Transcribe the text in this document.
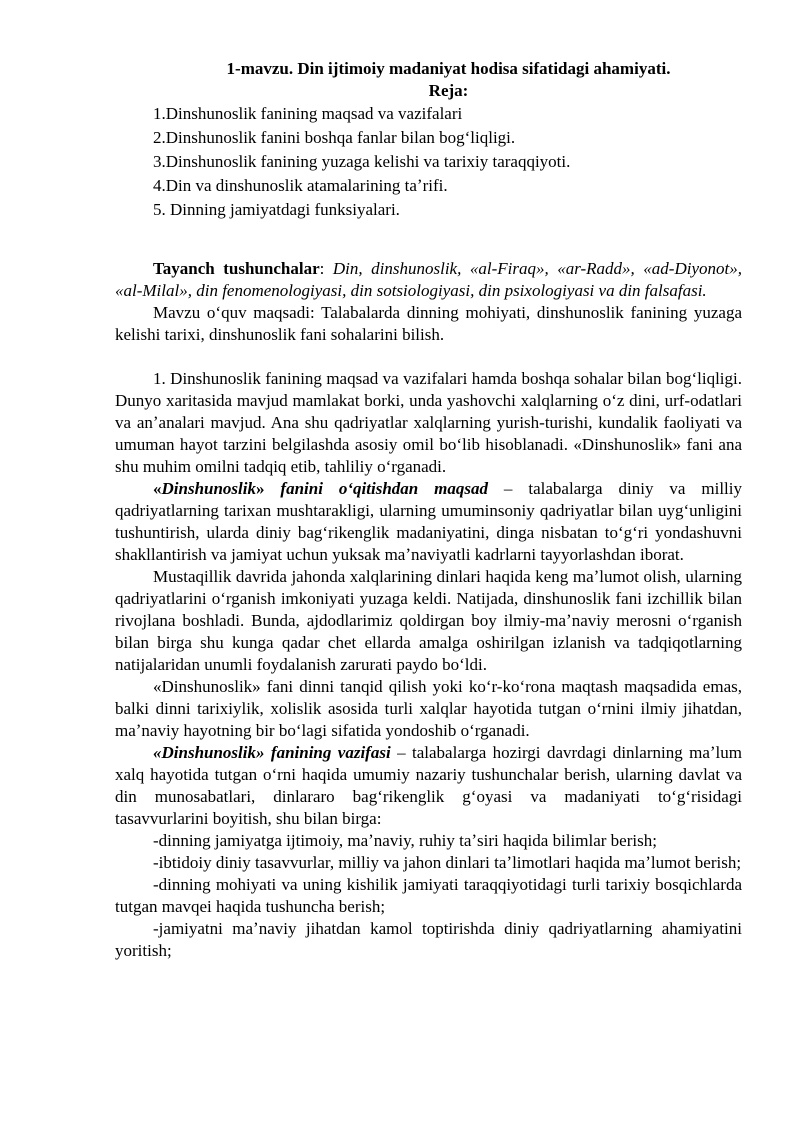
1-mavzu. Din ijtimoiy madaniyat hodisa sifatidagi ahamiyati.

Reja:

1.Dinshunoslik fanining maqsad va vazifalari
2.Dinshunoslik fanini boshqa fanlar bilan bogʻliqligi.
3.Dinshunoslik fanining yuzaga kelishi va tarixiy taraqqiyoti.
4.Din va dinshunoslik atamalarining taʼrifi.
5. Dinning jamiyatdagi funksiyalari.

Tayanch tushunchalar: Din, dinshunoslik, «al-Firaq», «ar-Radd», «ad-Diyonot», «al-Milal», din fenomenologiyasi, din sotsiologiyasi, din psixologiyasi va din falsafasi.

Mavzu oʻquv maqsadi: Talabalarda dinning mohiyati, dinshunoslik fanining yuzaga kelishi tarixi, dinshunoslik fani sohalarini bilish.

1. Dinshunoslik fanining maqsad va vazifalari hamda boshqa sohalar bilan bogʻliqligi. Dunyo xaritasida mavjud mamlakat borki, unda yashovchi xalqlarning oʻz dini, urf-odatlari va anʼanalari mavjud. Ana shu qadriyatlar xalqlarning yurish-turishi, kundalik faoliyati va umuman hayot tarzini belgilashda asosiy omil boʻlib hisoblanadi. «Dinshunoslik» fani ana shu muhim omilni tadqiq etib, tahliliy oʻrganadi.

«Dinshunoslik» fanini oʻqitishdan maqsad – talabalarga diniy va milliy qadriyatlarning tarixan mushtarakligi, ularning umuminsoniy qadriyatlar bilan uygʻunligini tushuntirish, ularda diniy bagʻrikenglik madaniyatini, dinga nisbatan toʻgʻri yondashuvni shakllantirish va jamiyat uchun yuksak maʼnaviyatli kadrlarni tayyorlashdan iborat.

Mustaqillik davrida jahonda xalqlarining dinlari haqida keng maʼlumot olish, ularning qadriyatlarini oʻrganish imkoniyati yuzaga keldi. Natijada, dinshunoslik fani izchillik bilan rivojlana boshladi. Bunda, ajdodlarimiz qoldirgan boy ilmiy-maʼnaviy merosni oʻrganish bilan birga shu kunga qadar chet ellarda amalga oshirilgan izlanish va tadqiqotlarning natijalaridan unumli foydalanish zarurati paydo boʻldi.

«Dinshunoslik» fani dinni tanqid qilish yoki koʻr-koʻrona maqtash maqsadida emas, balki dinni tarixiylik, xolislik asosida turli xalqlar hayotida tutgan oʻrnini ilmiy jihatdan, maʼnaviy hayotning bir boʻlagi sifatida yondoshib oʻrganadi.

«Dinshunoslik» fanining vazifasi – talabalarga hozirgi davrdagi dinlarning maʼlum xalq hayotida tutgan oʻrni haqida umumiy nazariy tushunchalar berish, ularning davlat va din munosabatlari, dinlararo bagʻrikenglik gʻoyasi va madaniyati toʻgʻrisidagi tasavvurlarini boyitish, shu bilan birga:

-dinning jamiyatga ijtimoiy, maʼnaviy, ruhiy taʼsiri haqida bilimlar berish;

-ibtidoiy diniy tasavvurlar, milliy va jahon dinlari taʼlimotlari haqida maʼlumot berish;

-dinning mohiyati va uning kishilik jamiyati taraqqiyotidagi turli tarixiy bosqichlarda tutgan mavqei haqida tushuncha berish;

-jamiyatni maʼnaviy jihatdan kamol toptirishda diniy qadriyatlarning ahamiyatini yoritish;
